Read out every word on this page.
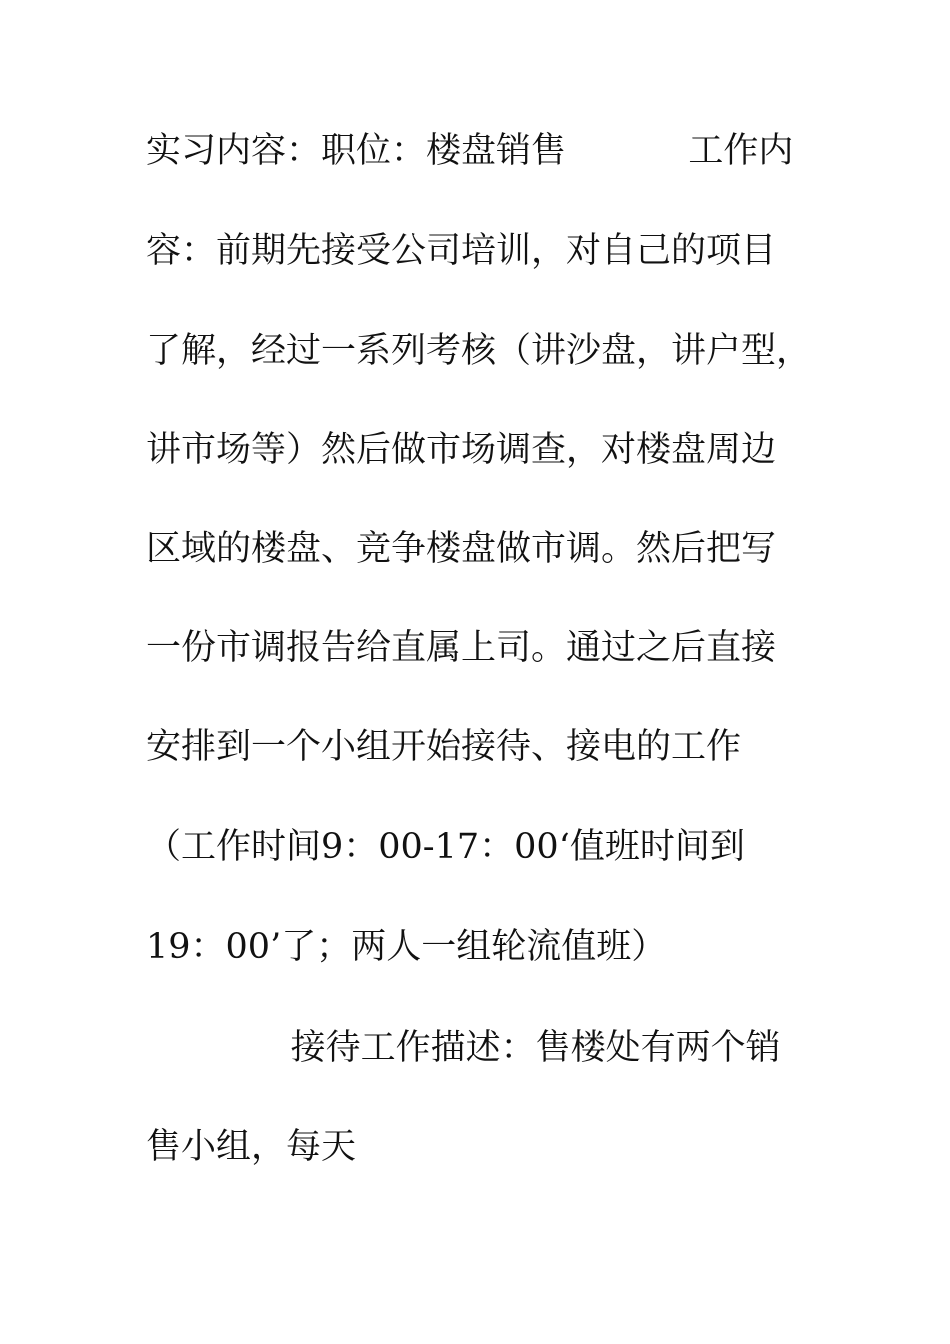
实习内容：职位：楼盘销售           工作内
容：前期先接受公司培训，对自己的项目
了解，经过一系列考核（讲沙盘，讲户型，
讲市场等）然后做市场调查，对楼盘周边
区域的楼盘、竞争楼盘做市调。然后把写
一份市调报告给直属上司。通过之后直接
安排到一个小组开始接待、接电的工作
（工作时间9：00-17：00‘值班时间到
19：00’了；两人一组轮流值班）
接待工作描述：售楼处有两个销
售小组，每天
